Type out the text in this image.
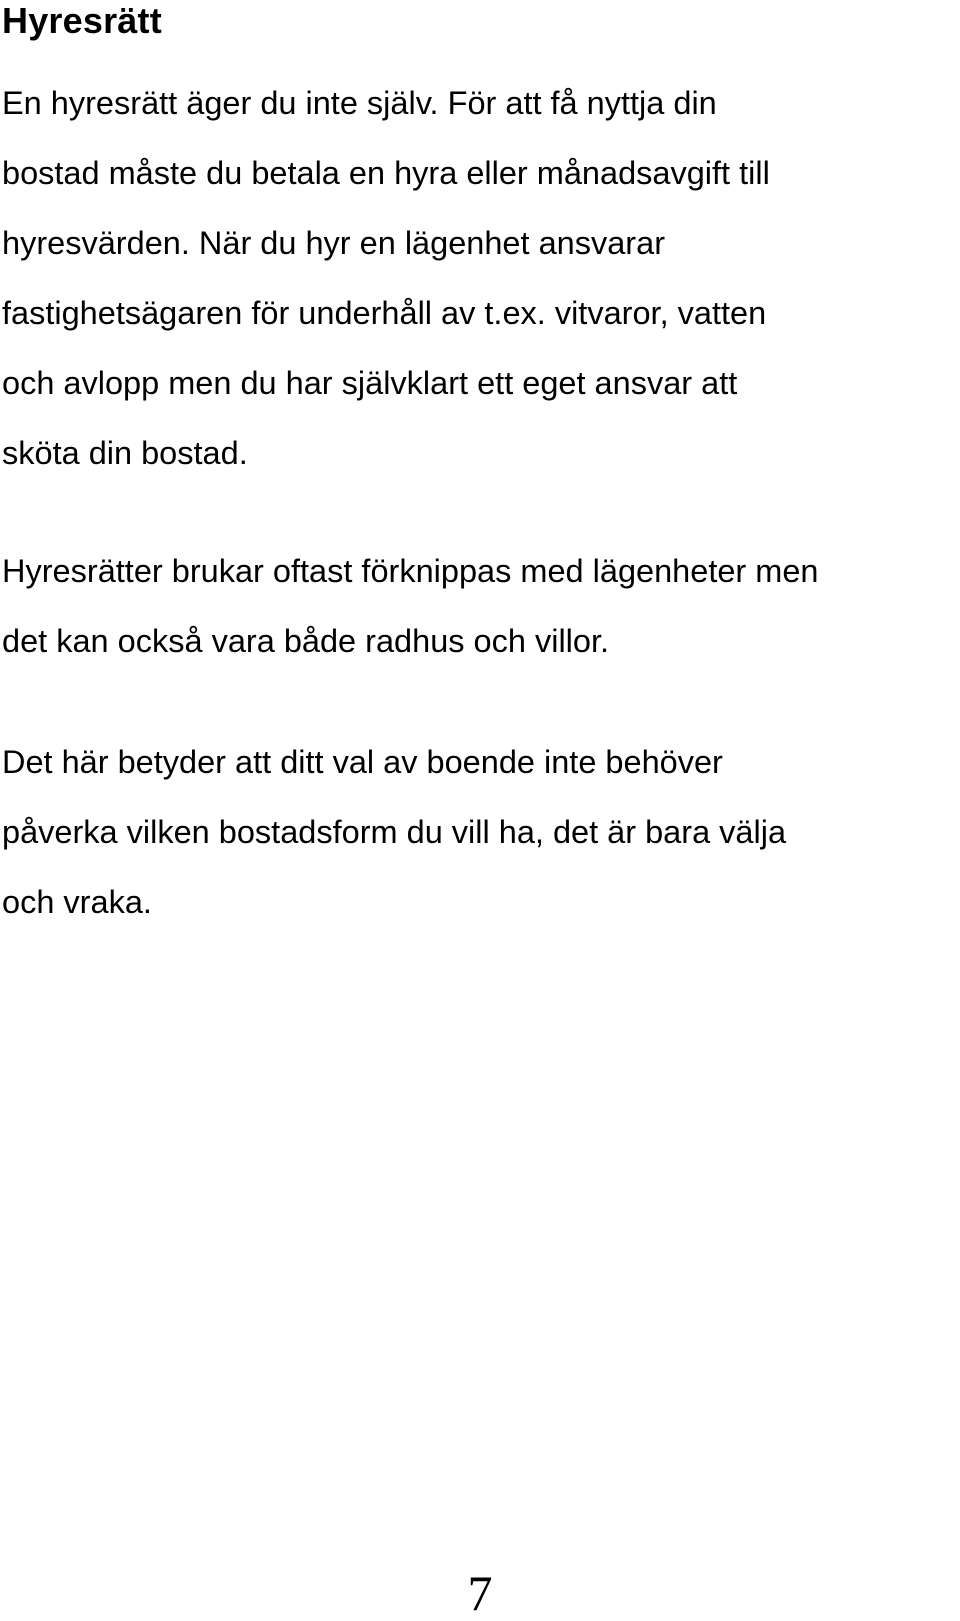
Hyresrätt

En hyresrätt äger du inte själv. För att få nyttja din
bostad måste du betala en hyra eller månadsavgift till
hyresvärden. När du hyr en lägenhet ansvarar
fastighetsägaren för underhåll av t.ex. vitvaror, vatten
och avlopp men du har självklart ett eget ansvar att
sköta din bostad.

Hyresrätter brukar oftast förknippas med lägenheter men
det kan också vara både radhus och villor.

Det här betyder att ditt val av boende inte behöver
påverka vilken bostadsform du vill ha, det är bara välja
och vraka.

7
